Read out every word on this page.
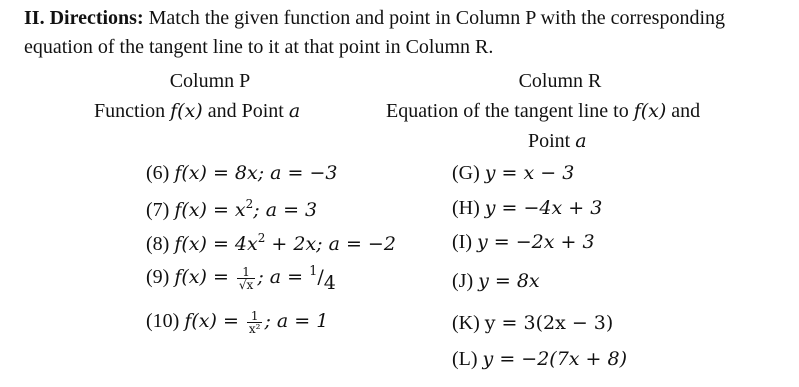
II. Directions: Match the given function and point in Column P with the corresponding equation of the tangent line to it at that point in Column R.
Column P
Function f(x) and Point a
Column R
Equation of the tangent line to f(x) and
Point a
(6) f(x) = 8x; a = −3
(7) $f(x) = x^2$; a = 3
(8) $f(x) = 4x^2 + 2x$; a = −2
(9) $f(x) = \frac{1}{√x}$ ; a = $^1$/4
(10) $f(x) = \frac{1}{\text{x²}}$ ; a = 1
(G) y = x − 3
(H) y = −4x + 3
(I) y = −2x + 3
(J) y = 8x
(K) y = 3(2x − 3)
(L) y = −2(7x + 8)
